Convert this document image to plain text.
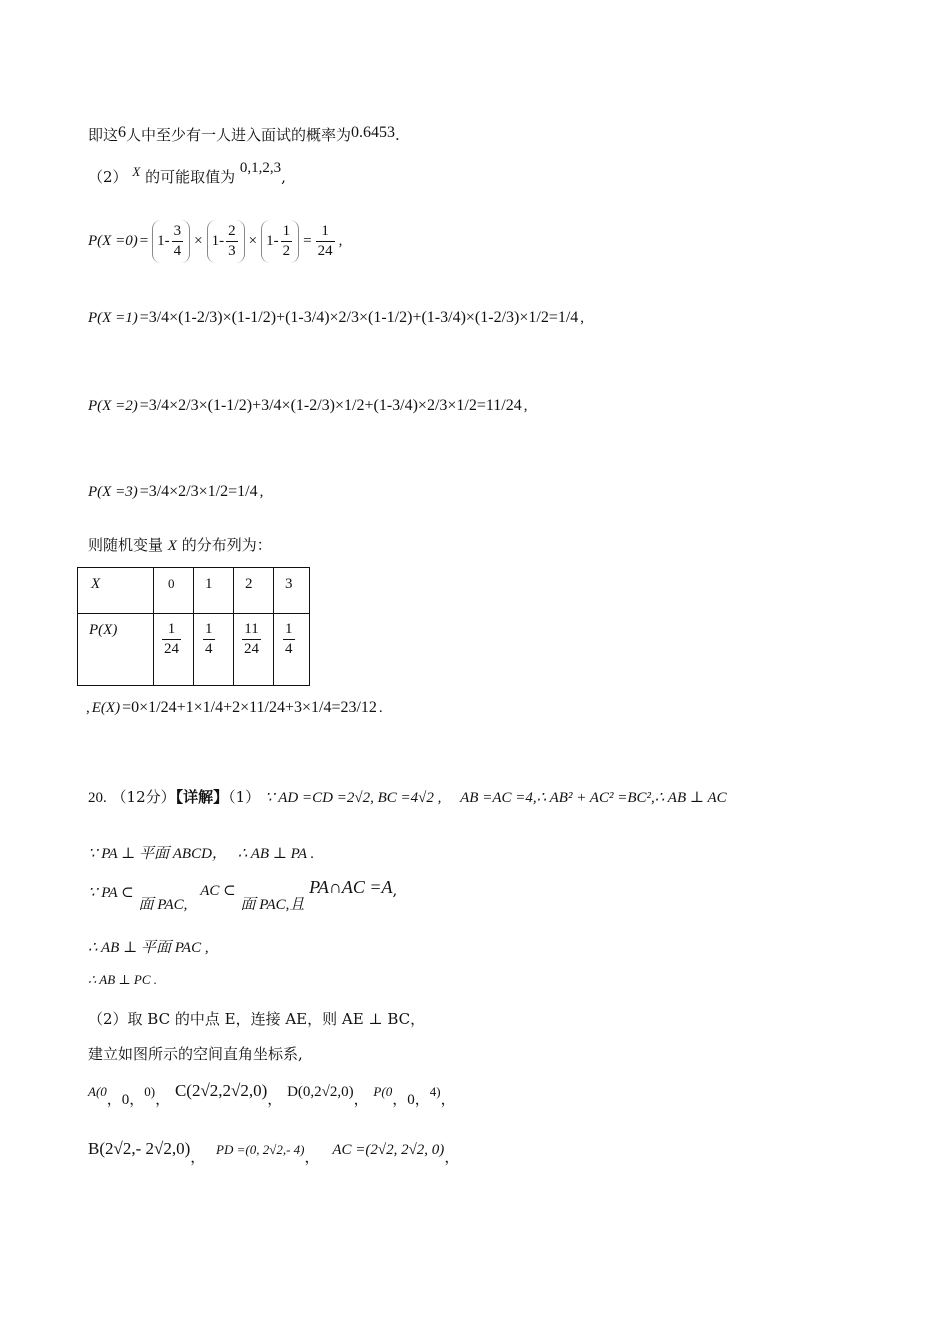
即这6人中至少有一人进入面试的概率为0.6453.
（2） X 的可能取值为 0,1,2,3,
$P(X =0) = 1- \frac{3}{4} \times 1- \frac{2}{3} \times 1- \frac{1}{2} = \frac{1}{24}$ ,
P(X =1) =3/4×(1-2/3)×(1-1/2)+(1-3/4)×2/3×(1-1/2)+(1-3/4)×(1-2/3)×1/2=1/4 ,
P(X =2) =3/4×2/3×(1-1/2)+3/4×(1-2/3)×1/2+(1-3/4)×2/3×1/2=11/24 ,
P(X =3) =3/4×2/3×1/2=1/4 ,
则随机变量 X 的分布列为：
X	0	1	2	3
P(X)	$\frac{1}{24}$	$\frac{1}{4}$	$\frac{11}{24}$	$\frac{1}{4}$
, E(X) =0×1/24+1×1/4+2×11/24+3×1/4=23/12 .
20. （12分）【详解】（1） ∵ AD =CD =2√2, BC =4√2 , AB =AC =4,∴ AB² + AC² =BC²,∴ AB ⊥ AC
∵ PA ⊥ 平面 ABCD， ∴ AB ⊥ PA .
∵ PA ⊂ 面 PAC, AC ⊂ 面 PAC,且 PA∩AC =A,
∴ AB ⊥ 平面 PAC ,
∴ AB ⊥ PC .
（2）取 BC 的中点 E，连接 AE，则 AE ⊥ BC，
建立如图所示的空间直角坐标系,
A(0，0，0)， C(2√2,2√2,0)， D(0,2√2,0)， P(0，0，4)，
B(2√2,- 2√2,0)， PD =(0, 2√2,- 4)， AC =(2√2, 2√2, 0)，
